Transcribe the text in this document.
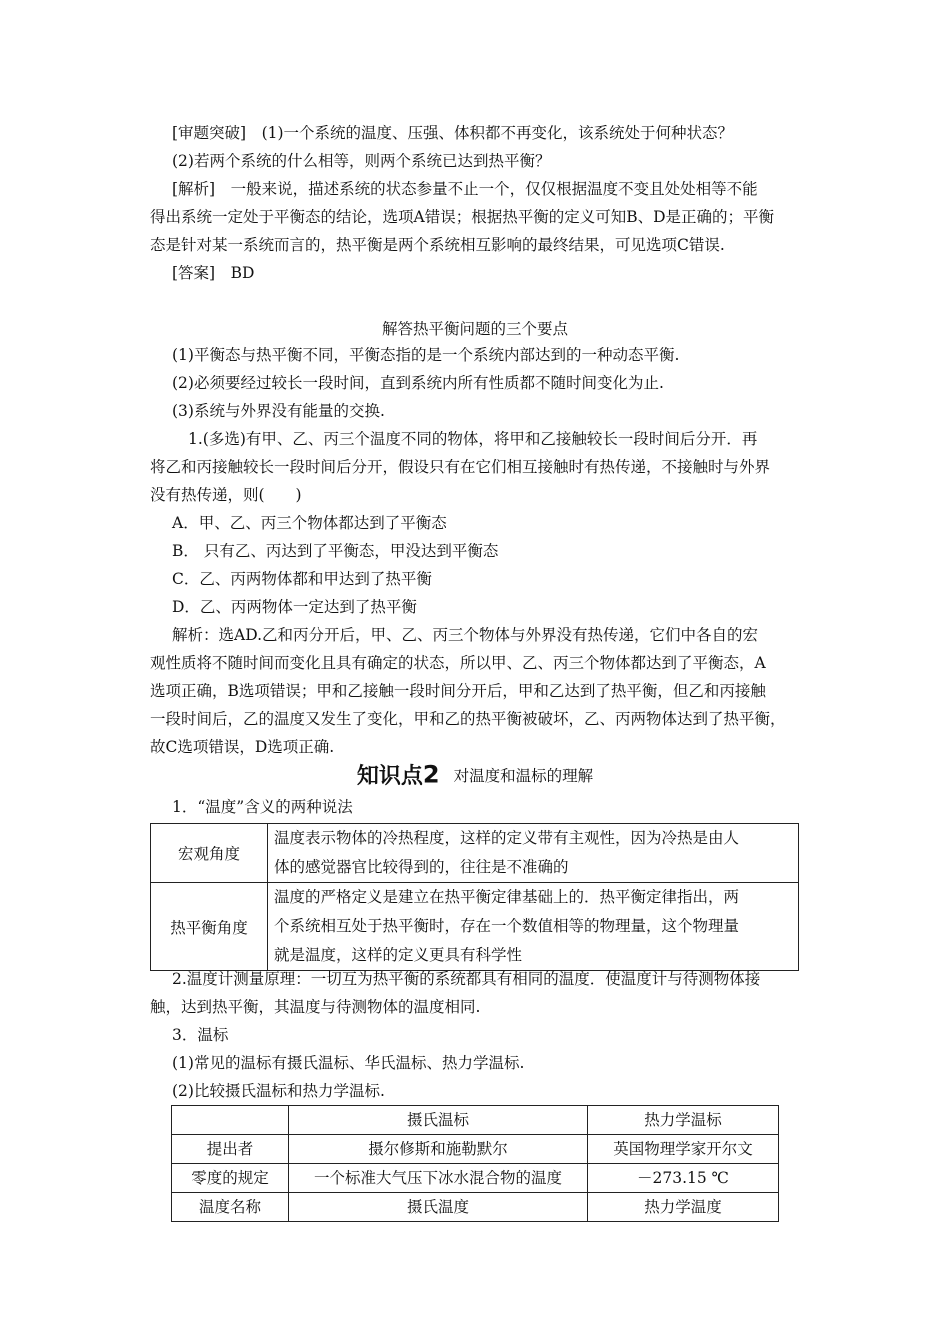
[审题突破]　(1)一个系统的温度、压强、体积都不再变化，该系统处于何种状态？
(2)若两个系统的什么相等，则两个系统已达到热平衡？
[解析]　一般来说，描述系统的状态参量不止一个，仅仅根据温度不变且处处相等不能
得出系统一定处于平衡态的结论，选项A错误；根据热平衡的定义可知B、D是正确的；平衡
态是针对某一系统而言的，热平衡是两个系统相互影响的最终结果，可见选项C错误.
[答案]　BD
解答热平衡问题的三个要点
(1)平衡态与热平衡不同，平衡态指的是一个系统内部达到的一种动态平衡.
(2)必须要经过较长一段时间，直到系统内所有性质都不随时间变化为止.
(3)系统与外界没有能量的交换.
1.(多选)有甲、乙、丙三个温度不同的物体，将甲和乙接触较长一段时间后分开．再
将乙和丙接触较长一段时间后分开，假设只有在它们相互接触时有热传递，不接触时与外界
没有热传递，则(　　)
A．甲、乙、丙三个物体都达到了平衡态
B． 只有乙、丙达到了平衡态，甲没达到平衡态
C．乙、丙两物体都和甲达到了热平衡
D．乙、丙两物体一定达到了热平衡
解析：选AD.乙和丙分开后，甲、乙、丙三个物体与外界没有热传递，它们中各自的宏
观性质将不随时间而变化且具有确定的状态，所以甲、乙、丙三个物体都达到了平衡态，A
选项正确，B选项错误；甲和乙接触一段时间分开后，甲和乙达到了热平衡，但乙和丙接触
一段时间后，乙的温度又发生了变化，甲和乙的热平衡被破坏，乙、丙两物体达到了热平衡，
故C选项错误，D选项正确.
知识点2 对温度和温标的理解
1．“温度”含义的两种说法
宏观角度	温度表示物体的冷热程度，这样的定义带有主观性，因为冷热是由人
体的感觉器官比较得到的，往往是不准确的

热平衡角度	温度的严格定义是建立在热平衡定律基础上的．热平衡定律指出，两
个系统相互处于热平衡时，存在一个数值相等的物理量，这个物理量
就是温度，这样的定义更具有科学性
2.温度计测量原理：一切互为热平衡的系统都具有相同的温度．使温度计与待测物体接
触，达到热平衡，其温度与待测物体的温度相同.
3．温标
(1)常见的温标有摄氏温标、华氏温标、热力学温标.
(2)比较摄氏温标和热力学温标.
	摄氏温标	热力学温标
提出者	摄尔修斯和施勒默尔	英国物理学家开尔文
零度的规定	一个标准大气压下冰水混合物的温度	－273.15 ℃
温度名称	摄氏温度	热力学温度
